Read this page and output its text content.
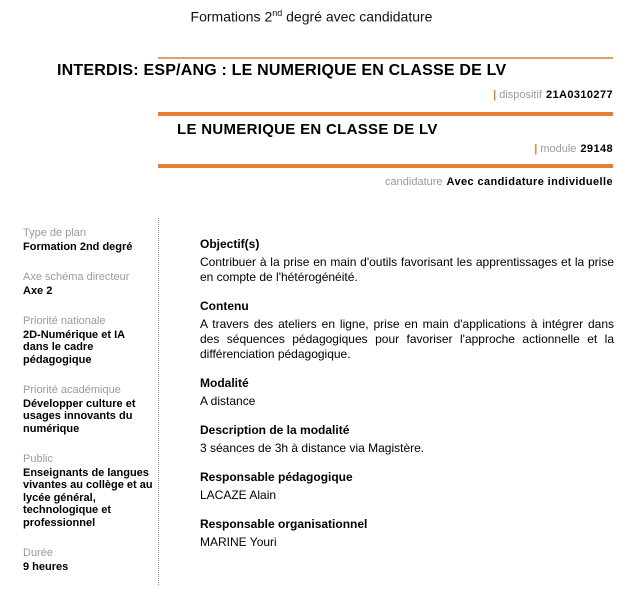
Formations 2nd degré avec candidature
INTERDIS: ESP/ANG : LE NUMERIQUE EN CLASSE DE LV
| dispositif 21A0310277
LE NUMERIQUE EN CLASSE DE LV
| module 29148
candidature Avec candidature individuelle
Type de plan
Formation 2nd degré
Axe schéma directeur
Axe 2
Priorité nationale
2D-Numérique et IA dans le cadre pédagogique
Priorité académique
Développer culture et usages innovants du numérique
Public
Enseignants de langues vivantes au collège et au lycée général, technologique et professionnel
Durée
9 heures
Objectif(s)

Contribuer à la prise en main d'outils favorisant les apprentissages et la prise en compte de l'hétérogénéité.

Contenu

A travers des ateliers en ligne, prise en main d'applications à intégrer dans des séquences pédagogiques pour favoriser l'approche actionnelle et la différenciation pédagogique.

Modalité

A distance

Description de la modalité

3 séances de 3h à distance via Magistère.

Responsable pédagogique

LACAZE Alain

Responsable organisationnel

MARINE Youri
